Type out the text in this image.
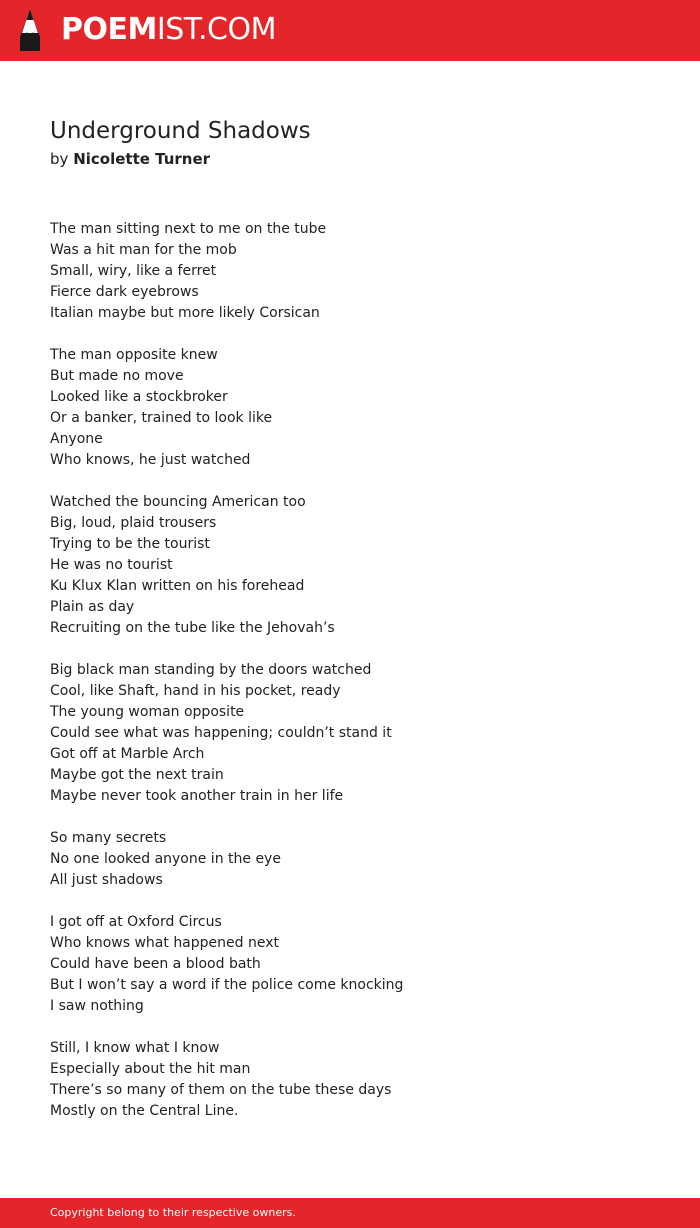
POEMIST.COM
Underground Shadows
by Nicolette Turner
The man sitting next to me on the tube
Was a hit man for the mob
Small, wiry, like a ferret
Fierce dark eyebrows
Italian maybe but more likely Corsican
The man opposite knew
But made no move
Looked like a stockbroker
Or a banker, trained to look like
Anyone
Who knows, he just watched
Watched the bouncing American too
Big, loud, plaid trousers
Trying to be the tourist
He was no tourist
Ku Klux Klan written on his forehead
Plain as day
Recruiting on the tube like the Jehovah’s
Big black man standing by the doors watched
Cool, like Shaft, hand in his pocket, ready
The young woman opposite
Could see what was happening; couldn’t stand it
Got off at Marble Arch
Maybe got the next train
Maybe never took another train in her life
So many secrets
No one looked anyone in the eye
All just shadows
I got off at Oxford Circus
Who knows what happened next
Could have been a blood bath
But I won’t say a word if the police come knocking
I saw nothing
Still, I know what I know
Especially about the hit man
There’s so many of them on the tube these days
Mostly on the Central Line.
Copyright belong to their respective owners.
